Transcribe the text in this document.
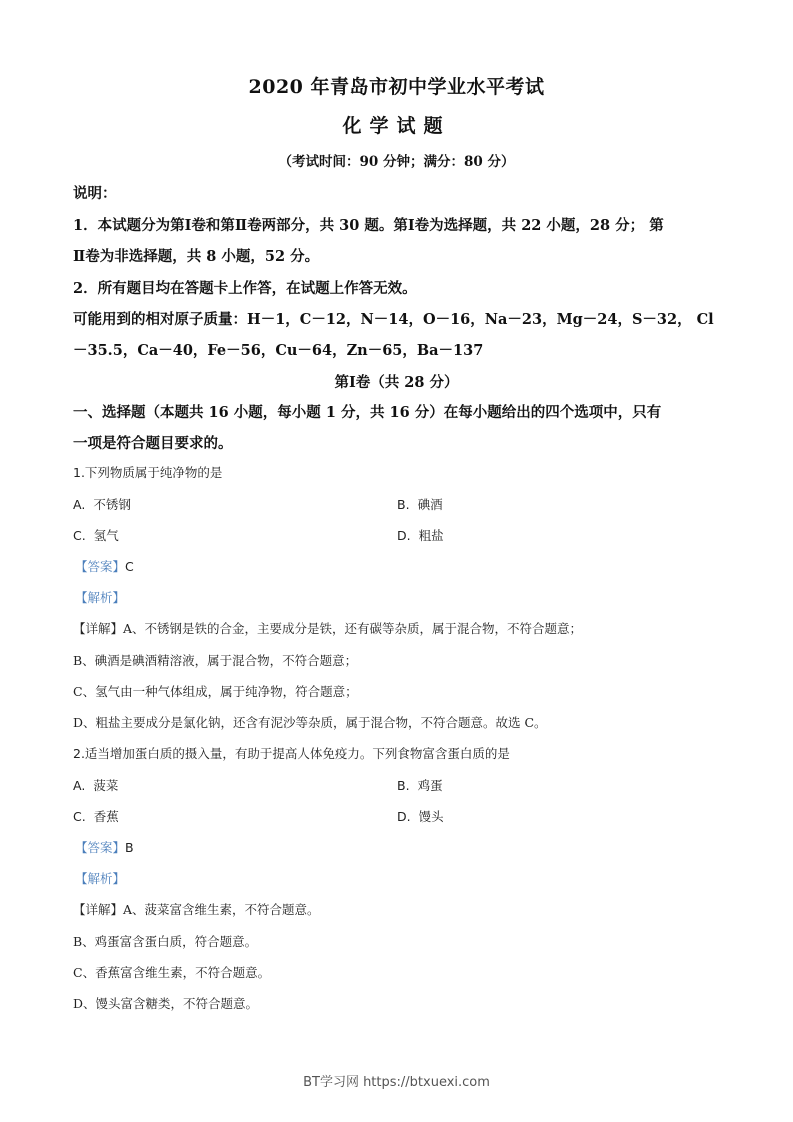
2020 年青岛市初中学业水平考试
化学试题
（考试时间：90 分钟；满分：80 分）
说明：
1．本试题分为第Ⅰ卷和第Ⅱ卷两部分，共 30 题。第Ⅰ卷为选择题，共 22 小题，28 分； 第
Ⅱ卷为非选择题，共 8 小题，52 分。
2．所有题目均在答题卡上作答，在试题上作答无效。
可能用到的相对原子质量：H－1，C－12，N－14，O－16，Na－23，Mg－24，S－32， Cl
－35.5，Ca－40，Fe－56，Cu－64，Zn－65，Ba－137
第Ⅰ卷（共 28 分）
一、选择题（本题共 16 小题，每小题 1 分，共 16 分）在每小题给出的四个选项中，只有
一项是符合题目要求的。
1.下列物质属于纯净物的是
A. 不锈钢	B. 碘酒
C. 氢气	D. 粗盐
【答案】C
【解析】
【详解】A、不锈钢是铁的合金，主要成分是铁，还有碳等杂质，属于混合物，不符合题意；
B、碘酒是碘酒精溶液，属于混合物，不符合题意；
C、氢气由一种气体组成，属于纯净物，符合题意；
D、粗盐主要成分是氯化钠，还含有泥沙等杂质，属于混合物，不符合题意。故选 C。
2.适当增加蛋白质的摄入量，有助于提高人体免疫力。下列食物富含蛋白质的是
A. 菠菜	B. 鸡蛋
C. 香蕉	D. 馒头
【答案】B
【解析】
【详解】A、菠菜富含维生素，不符合题意。
B、鸡蛋富含蛋白质，符合题意。
C、香蕉富含维生素，不符合题意。
D、馒头富含糖类，不符合题意。
BT学习网 https://btxuexi.com
